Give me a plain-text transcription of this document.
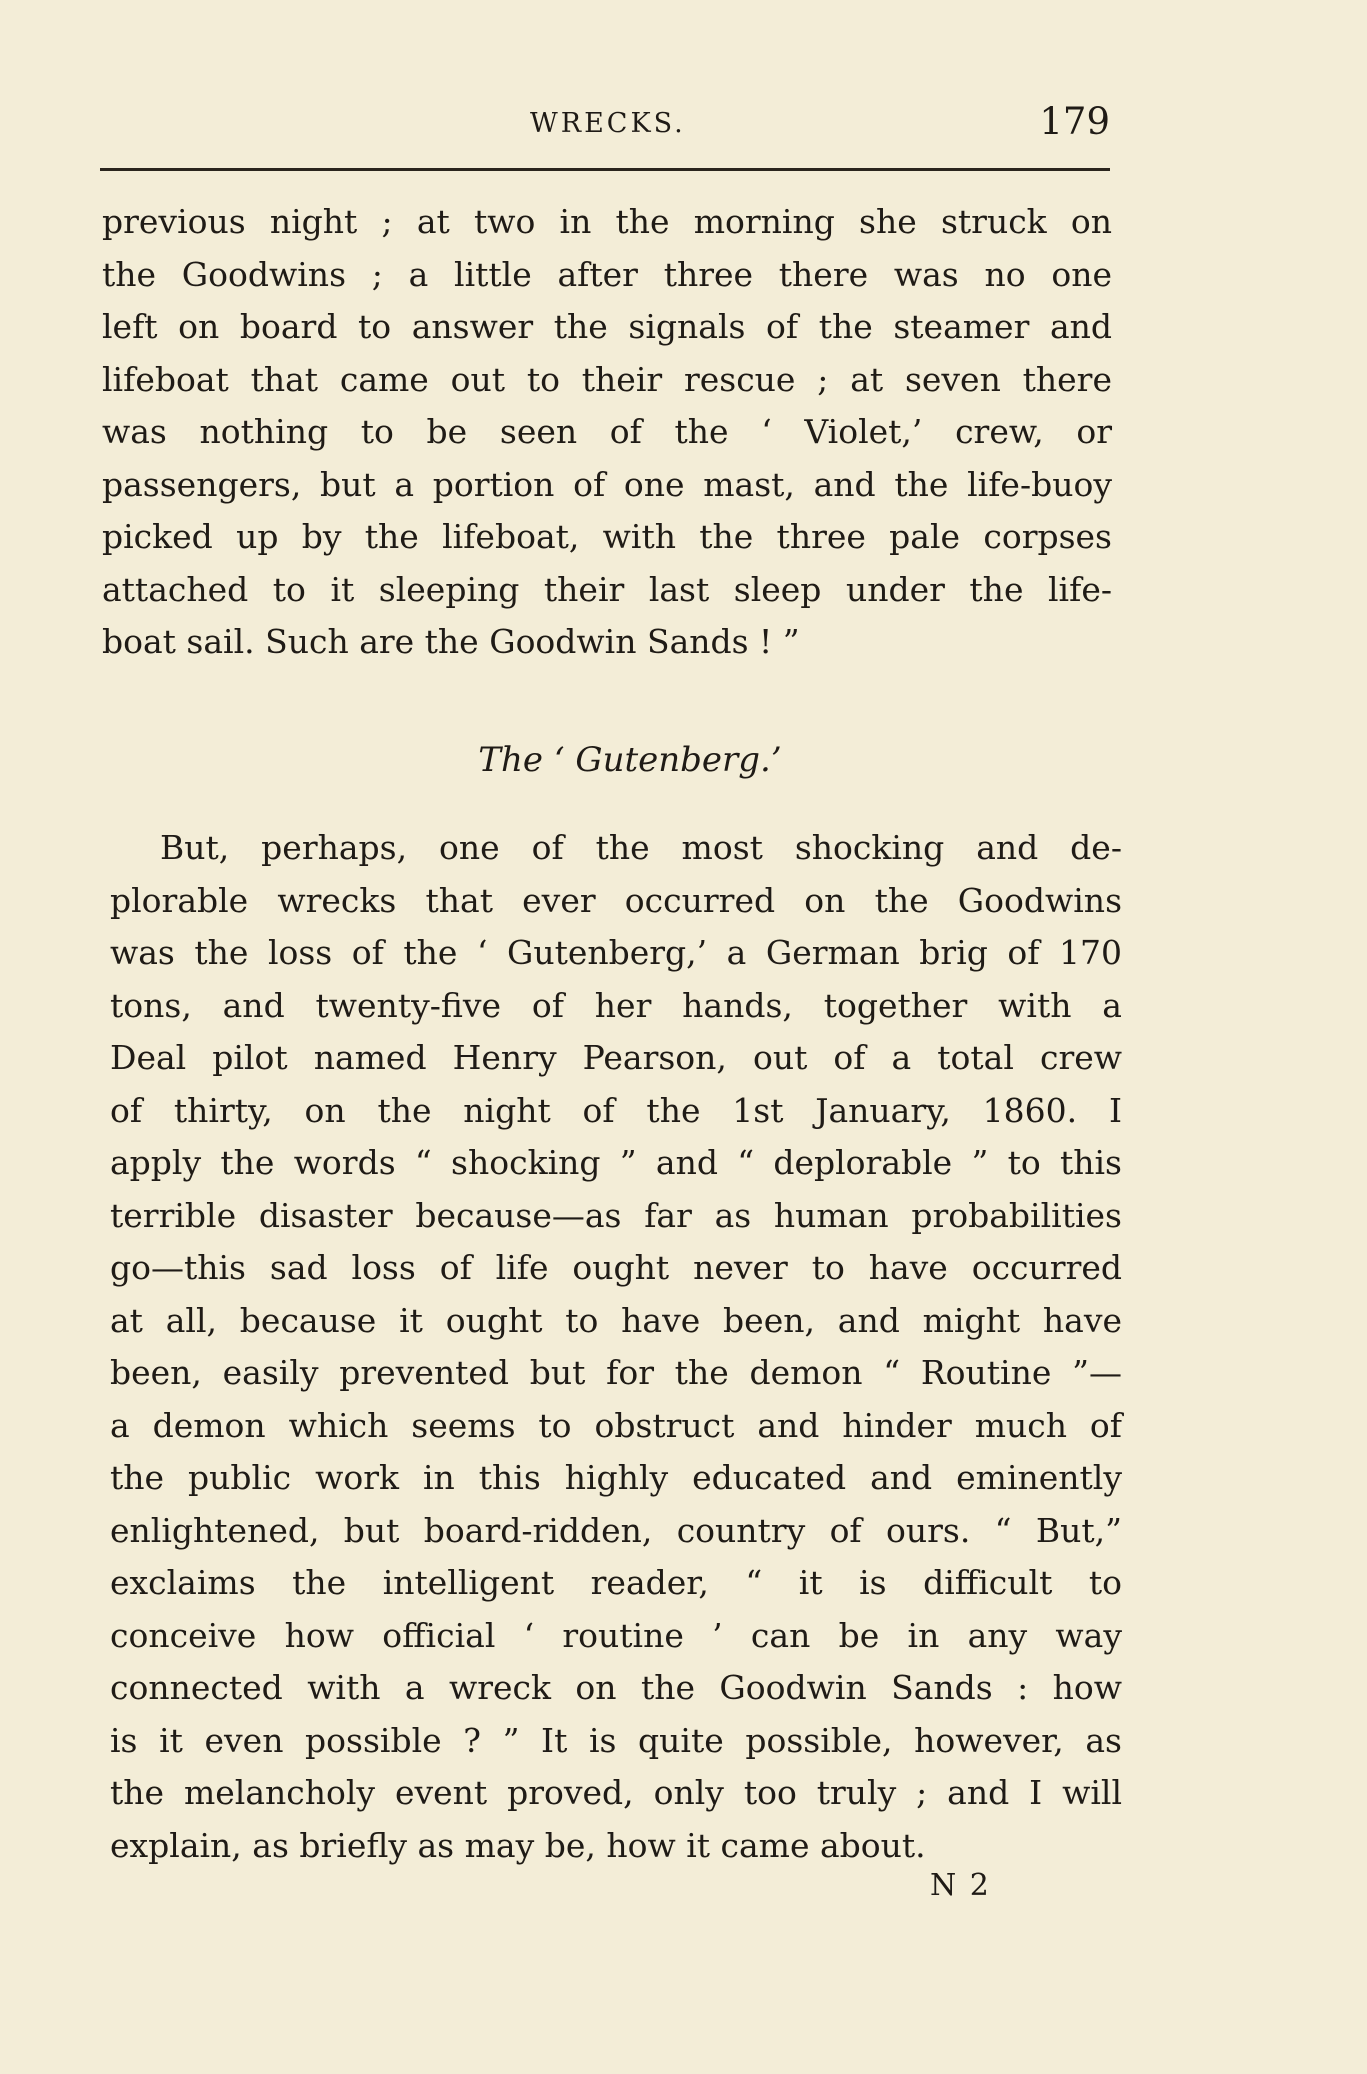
WRECKS.	179
previous night ; at two in the morning she struck on
the Goodwins ; a little after three there was no one
left on board to answer the signals of the steamer and
lifeboat that came out to their rescue ; at seven there
was nothing to be seen of the ‘ Violet,’ crew, or
passengers, but a portion of one mast, and the life-buoy
picked up by the lifeboat, with the three pale corpses
attached to it sleeping their last sleep under the life-
boat sail. Such are the Goodwin Sands ! ”
The ‘ Gutenberg.’
But, perhaps, one of the most shocking and de-
plorable wrecks that ever occurred on the Goodwins
was the loss of the ‘ Gutenberg,’ a German brig of 170
tons, and twenty-five of her hands, together with a
Deal pilot named Henry Pearson, out of a total crew
of thirty, on the night of the 1st January, 1860. I
apply the words “ shocking ” and “ deplorable ” to this
terrible disaster because—as far as human probabilities
go—this sad loss of life ought never to have occurred
at all, because it ought to have been, and might have
been, easily prevented but for the demon “ Routine ”—
a demon which seems to obstruct and hinder much of
the public work in this highly educated and eminently
enlightened, but board-ridden, country of ours. “ But,”
exclaims the intelligent reader, “ it is difficult to
conceive how official ‘ routine ’ can be in any way
connected with a wreck on the Goodwin Sands : how
is it even possible ? ” It is quite possible, however, as
the melancholy event proved, only too truly ; and I will
explain, as briefly as may be, how it came about.
N 2
